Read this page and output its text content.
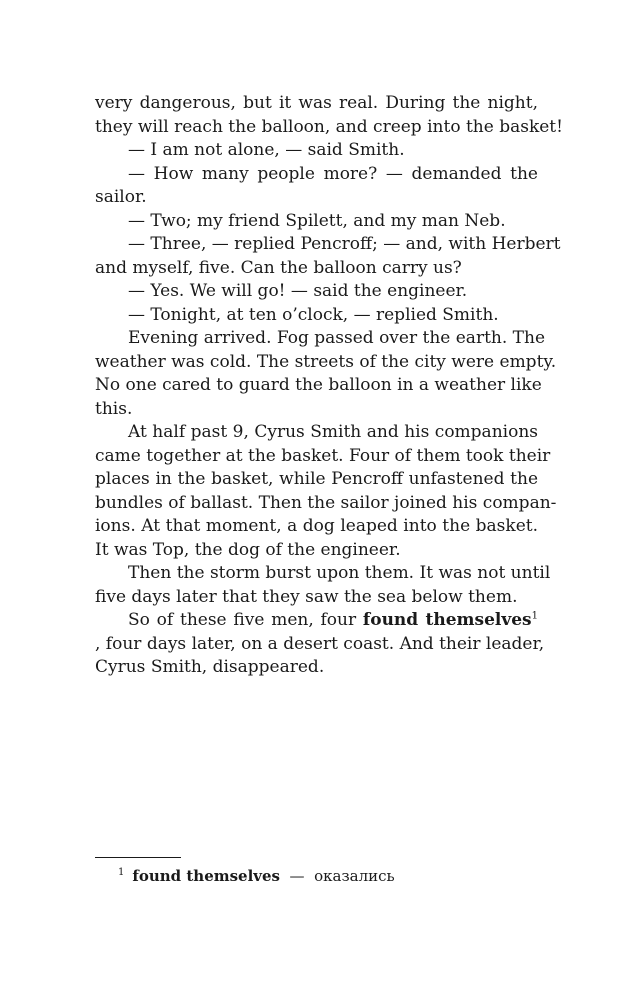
very dangerous, but it was real. During the night,
they will reach the balloon, and creep into the basket!
— I am not alone, — said Smith.
— How many people more? — demanded the
sailor.
— Two; my friend Spilett, and my man Neb.
— Three, — replied Pencroff; — and, with Herbert
and myself, five. Can the balloon carry us?
— Yes. We will go! — said the engineer.
— Tonight, at ten o’clock, — replied Smith.
Evening arrived. Fog passed over the earth. The
weather was cold. The streets of the city were empty.
No one cared to guard the balloon in a weather like
this.
At half past 9, Cyrus Smith and his companions
came together at the basket. Four of them took their
places in the basket, while Pencroff unfastened the
bundles of ballast. Then the sailor joined his compan-
ions. At that moment, a dog leaped into the basket.
It was Top, the dog of the engineer.
Then the storm burst upon them. It was not until
five days later that they saw the sea below them.
So of these five men, four found themselves$^1$
, four days later, on a desert coast. And their leader,
Cyrus Smith, disappeared.
$^1$ found themselves — оказались
